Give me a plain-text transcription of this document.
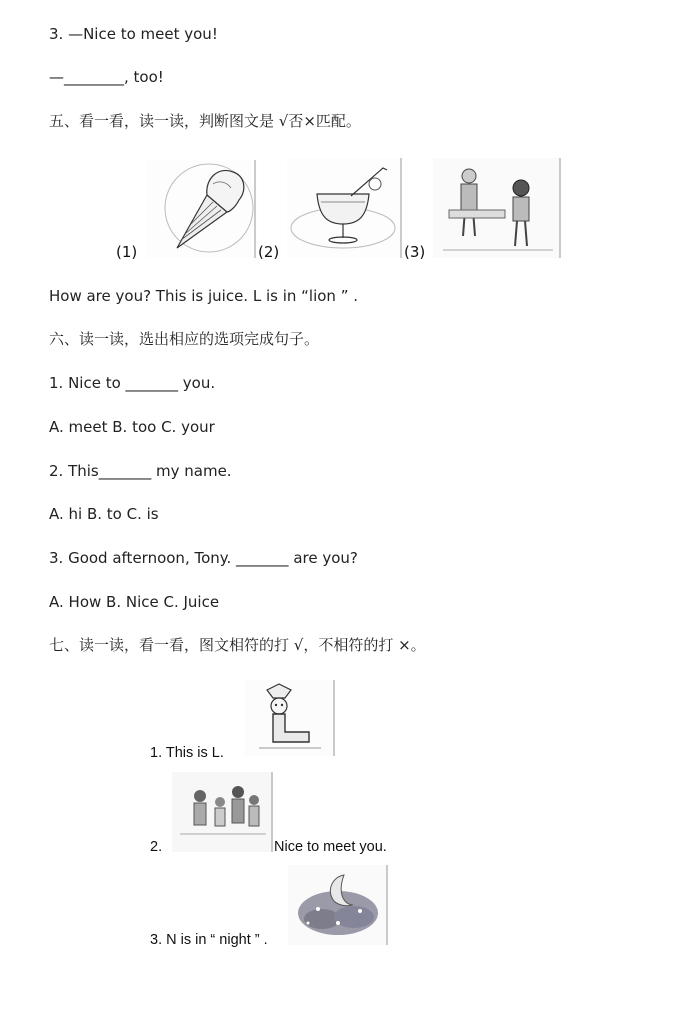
3. —Nice to meet you!
—________, too!
五、看一看，读一读，判断图文是 √否×匹配。
(1)	(2)	(3)
How are you? This is juice. L is in “lion ” .
六、读一读，选出相应的选项完成句子。
1. Nice to _______ you.
A. meet B. too C. your
2. This_______ my name.
A. hi B. to C. is
3. Good afternoon, Tony. _______ are you?
A. How B. Nice C. Juice
七、读一读，看一看，图文相符的打 √，不相符的打 ×。
1. This is L.
2.	Nice to meet you.
3. N is in “ night ” .
